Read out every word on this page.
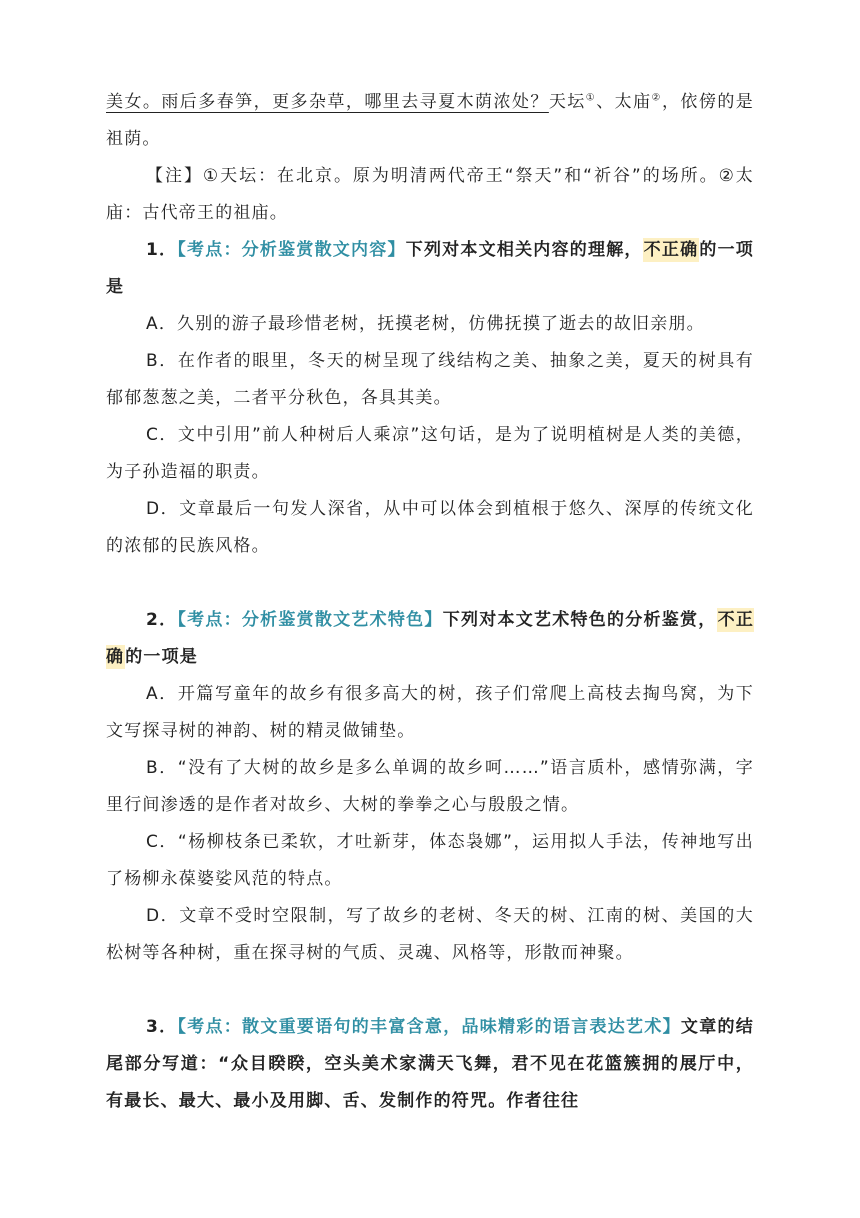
美女。雨后多春笋，更多杂草，哪里去寻夏木荫浓处？天坛①、太庙②，依傍的是祖荫。

【注】①天坛：在北京。原为明清两代帝王“祭天”和“祈谷”的场所。②太庙：古代帝王的祖庙。

1．【考点：分析鉴赏散文内容】下列对本文相关内容的理解，不正确的一项是

A．久别的游子最珍惜老树，抚摸老树，仿佛抚摸了逝去的故旧亲朋。

B．在作者的眼里，冬天的树呈现了线结构之美、抽象之美，夏天的树具有郁郁葱葱之美，二者平分秋色，各具其美。

C．文中引用”前人种树后人乘凉”这句话，是为了说明植树是人类的美德，为子孙造福的职责。

D．文章最后一句发人深省，从中可以体会到植根于悠久、深厚的传统文化的浓郁的民族风格。

2．【考点：分析鉴赏散文艺术特色】下列对本文艺术特色的分析鉴赏，不正确的一项是

A．开篇写童年的故乡有很多高大的树，孩子们常爬上高枝去掏鸟窝，为下文写探寻树的神韵、树的精灵做铺垫。

B．“没有了大树的故乡是多么单调的故乡呵……”语言质朴，感情弥满，字里行间渗透的是作者对故乡、大树的拳拳之心与殷殷之情。

C．“杨柳枝条已柔软，才吐新芽，体态袅娜”，运用拟人手法，传神地写出了杨柳永葆婆娑风范的特点。

D．文章不受时空限制，写了故乡的老树、冬天的树、江南的树、美国的大松树等各种树，重在探寻树的气质、灵魂、风格等，形散而神聚。

3．【考点：散文重要语句的丰富含意，品味精彩的语言表达艺术】文章的结尾部分写道：“众目睽睽，空头美术家满天飞舞，君不见在花篮簇拥的展厅中，有最长、最大、最小及用脚、舌、发制作的符咒。作者往往
